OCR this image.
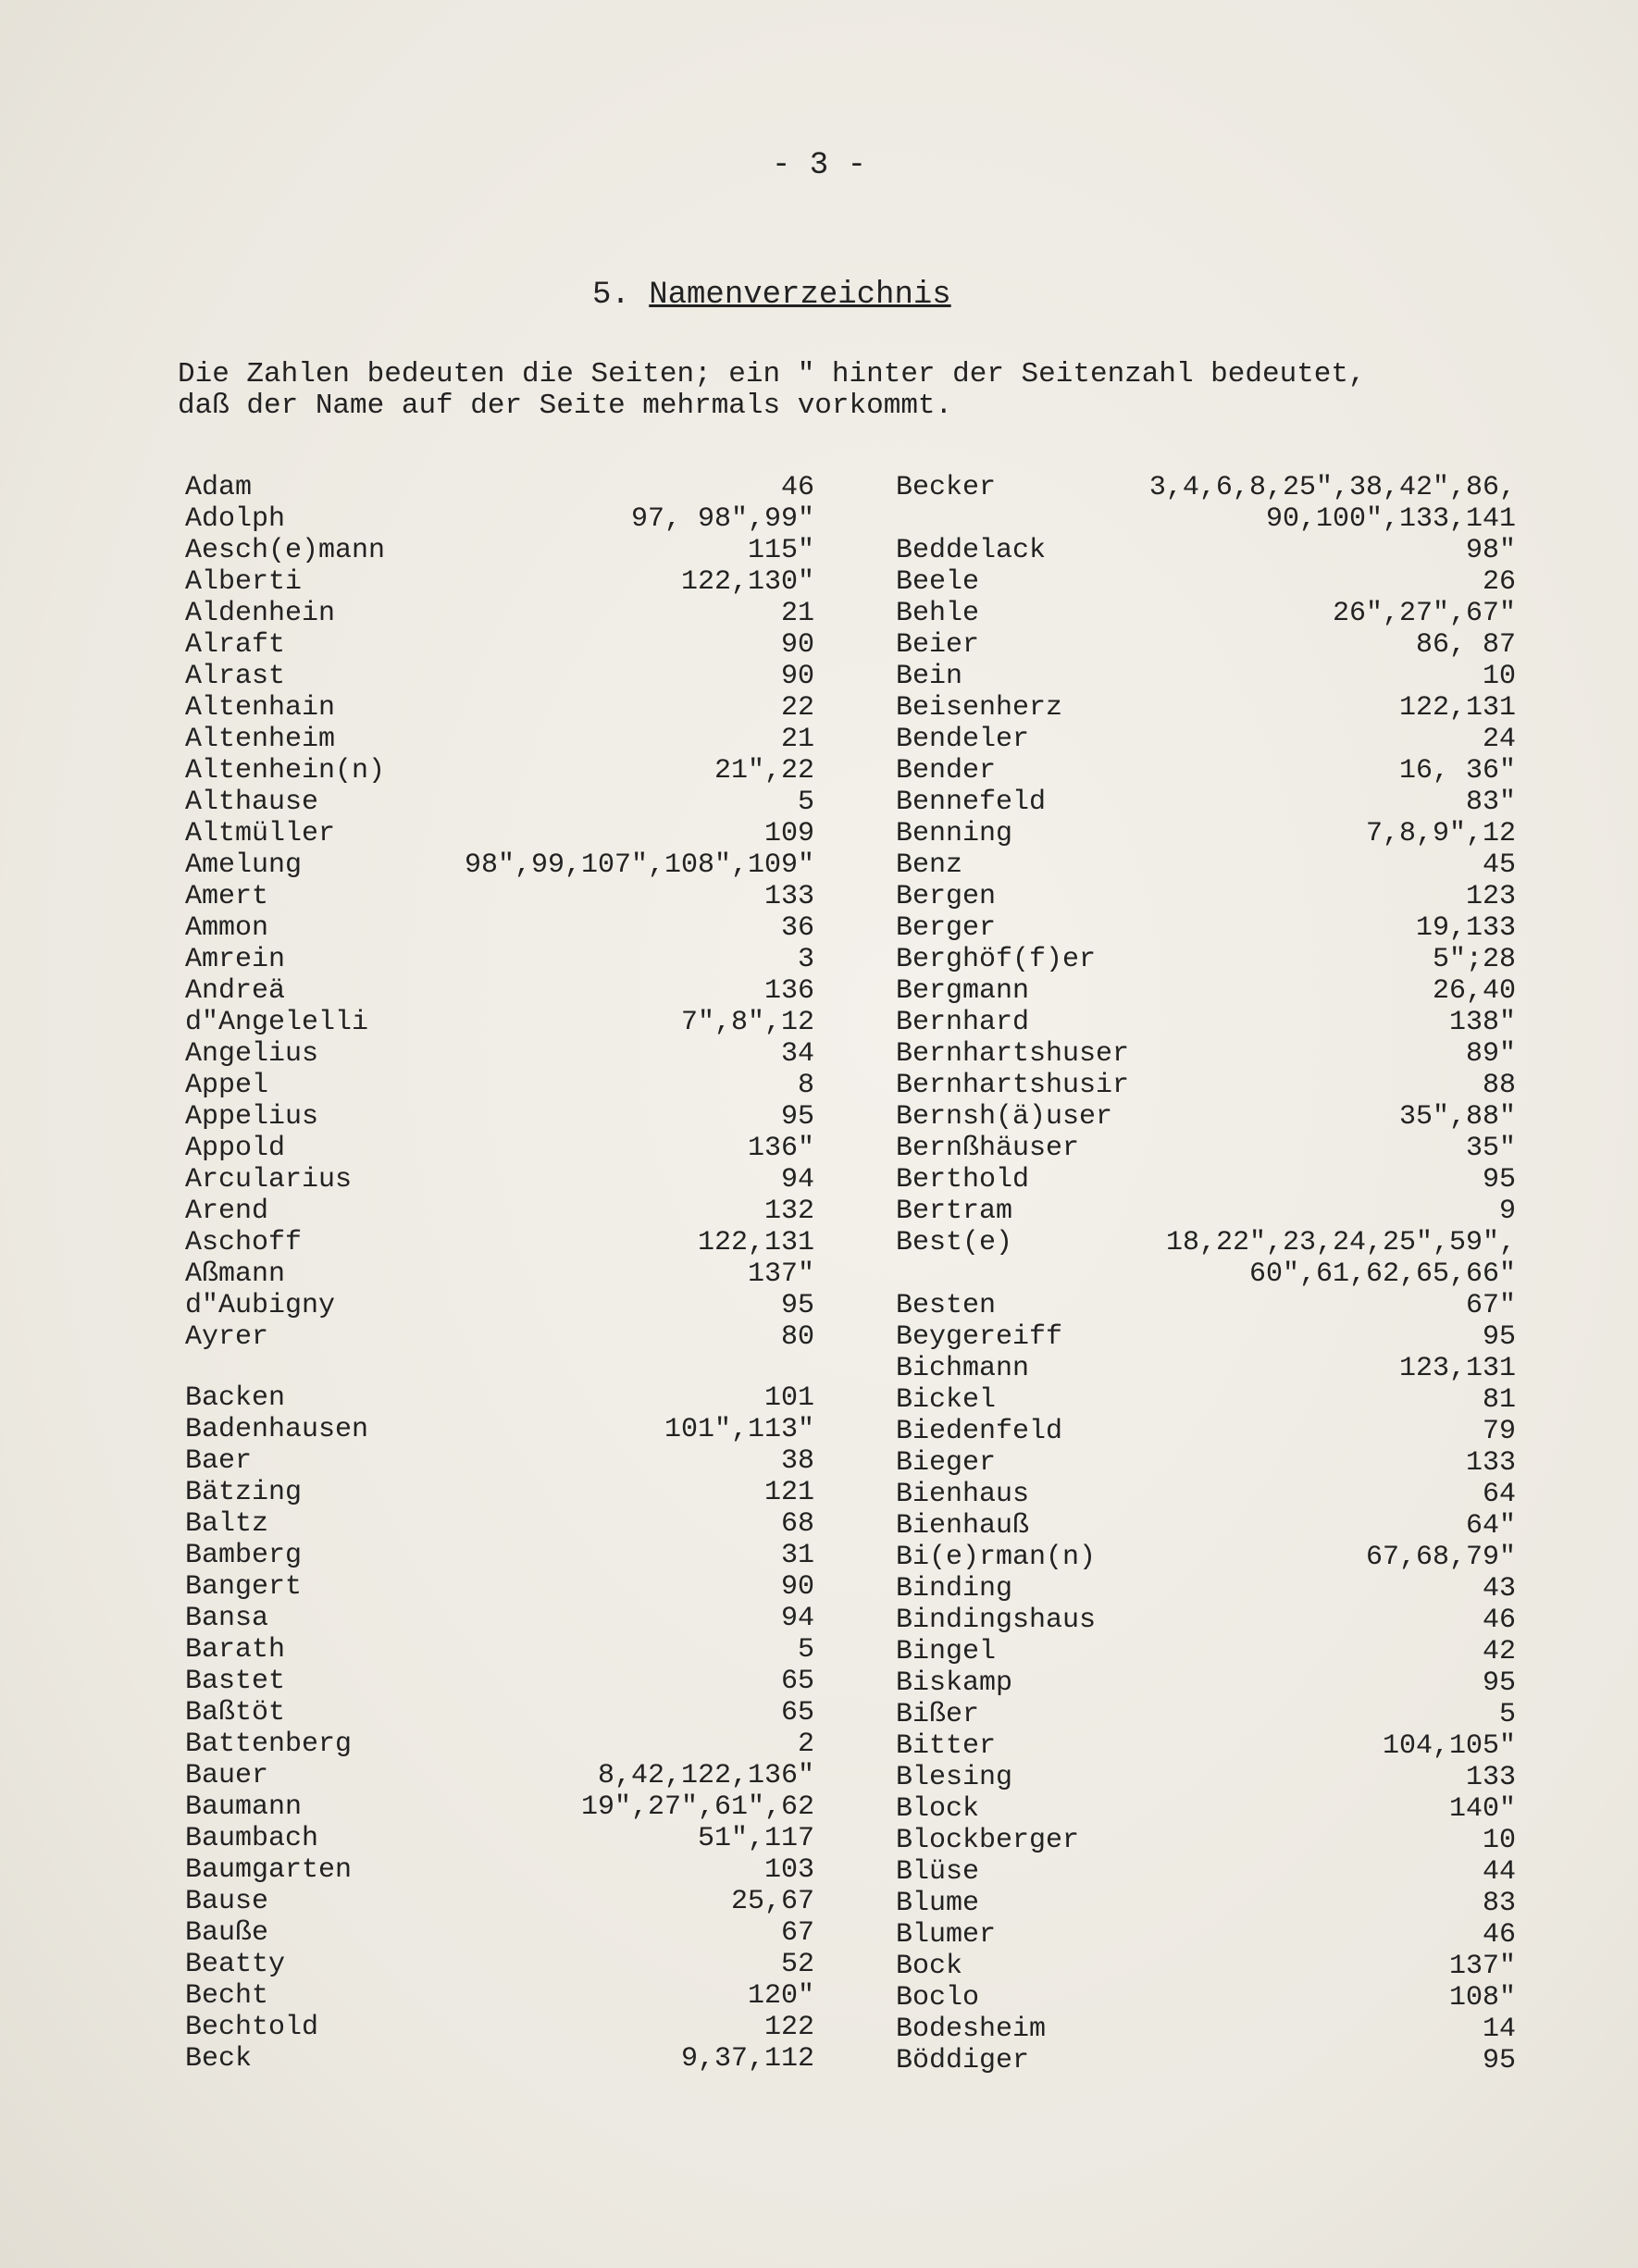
- 3 -
5. Namenverzeichnis
Die Zahlen bedeuten die Seiten; ein " hinter der Seitenzahl bedeutet,
daß der Name auf der Seite mehrmals vorkommt.
Adam	46
Adolph	97, 98",99"
Aesch(e)mann	115"
Alberti	122,130"
Aldenhein	21
Alraft	90
Alrast	90
Altenhain	22
Altenheim	21
Altenhein(n)	21",22
Althause	5
Altmüller	109
Amelung	98",99,107",108",109"
Amert	133
Ammon	36
Amrein	3
Andreä	136
d"Angelelli	7",8",12
Angelius	34
Appel	8
Appelius	95
Appold	136"
Arcularius	94
Arend	132
Aschoff	122,131
Aßmann	137"
d"Aubigny	95
Ayrer	80
Backen	101
Badenhausen	101",113"
Baer	38
Bätzing	121
Baltz	68
Bamberg	31
Bangert	90
Bansa	94
Barath	5
Bastet	65
Baßtöt	65
Battenberg	2
Bauer	8,42,122,136"
Baumann	19",27",61",62
Baumbach	51",117
Baumgarten	103
Bause	25,67
Bauße	67
Beatty	52
Becht	120"
Bechtold	122
Beck	9,37,112
Becker	3,4,6,8,25",38,42",86,
90,100",133,141
Beddelack	98"
Beele	26
Behle	26",27",67"
Beier	86, 87
Bein	10
Beisenherz	122,131
Bendeler	24
Bender	16, 36"
Bennefeld	83"
Benning	7,8,9",12
Benz	45
Bergen	123
Berger	19,133
Berghöf(f)er	5";28
Bergmann	26,40
Bernhard	138"
Bernhartshuser	89"
Bernhartshusir	88
Bernsh(ä)user	35",88"
Bernßhäuser	35"
Berthold	95
Bertram	9
Best(e)	18,22",23,24,25",59",
60",61,62,65,66"
Besten	67"
Beygereiff	95
Bichmann	123,131
Bickel	81
Biedenfeld	79
Bieger	133
Bienhaus	64
Bienhauß	64"
Bi(e)rman(n)	67,68,79"
Binding	43
Bindingshaus	46
Bingel	42
Biskamp	95
Bißer	5
Bitter	104,105"
Blesing	133
Block	140"
Blockberger	10
Blüse	44
Blume	83
Blumer	46
Bock	137"
Boclo	108"
Bodesheim	14
Böddiger	95
